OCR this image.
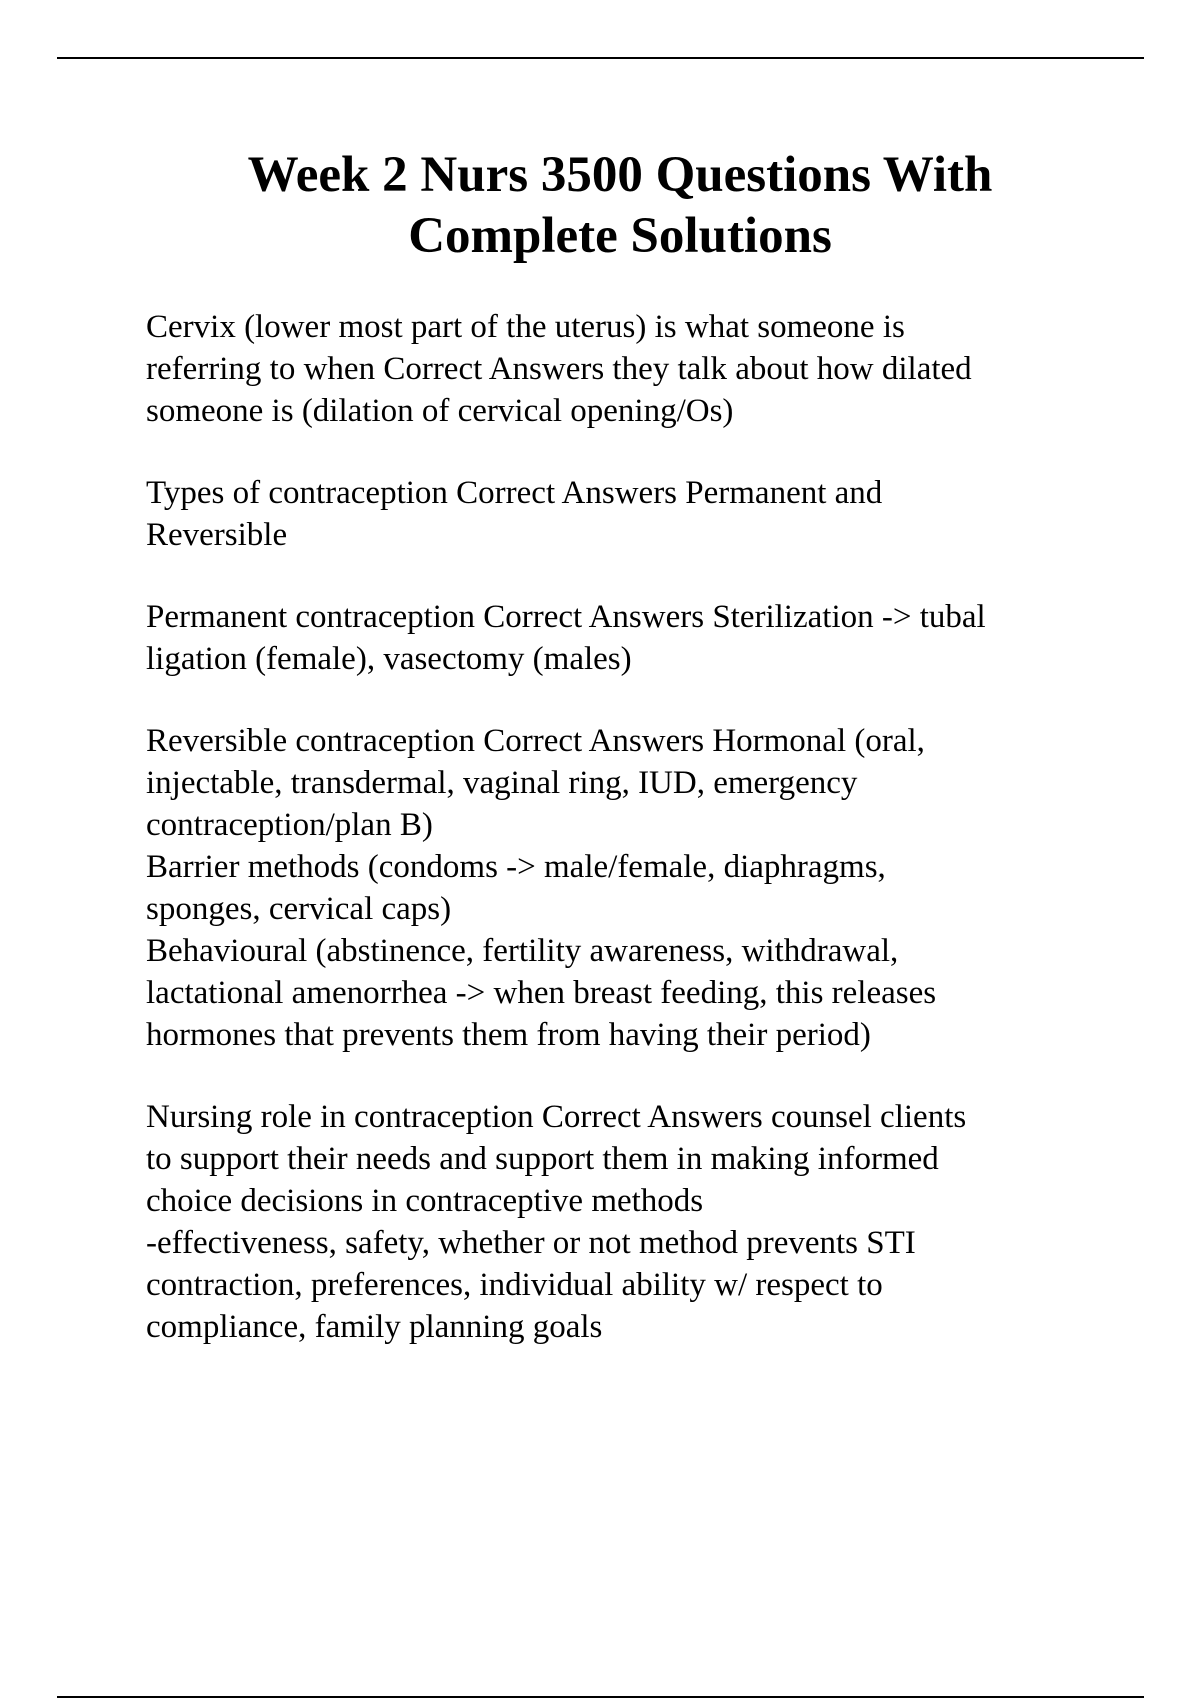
Week 2 Nurs 3500 Questions With
Complete Solutions

Cervix (lower most part of the uterus) is what someone is
referring to when Correct Answers they talk about how dilated
someone is (dilation of cervical opening/Os)

Types of contraception Correct Answers Permanent and
Reversible

Permanent contraception Correct Answers Sterilization -> tubal
ligation (female), vasectomy (males)

Reversible contraception Correct Answers Hormonal (oral,
injectable, transdermal, vaginal ring, IUD, emergency
contraception/plan B)
Barrier methods (condoms -> male/female, diaphragms,
sponges, cervical caps)
Behavioural (abstinence, fertility awareness, withdrawal,
lactational amenorrhea -> when breast feeding, this releases
hormones that prevents them from having their period)

Nursing role in contraception Correct Answers counsel clients
to support their needs and support them in making informed
choice decisions in contraceptive methods
-effectiveness, safety, whether or not method prevents STI
contraction, preferences, individual ability w/ respect to
compliance, family planning goals
